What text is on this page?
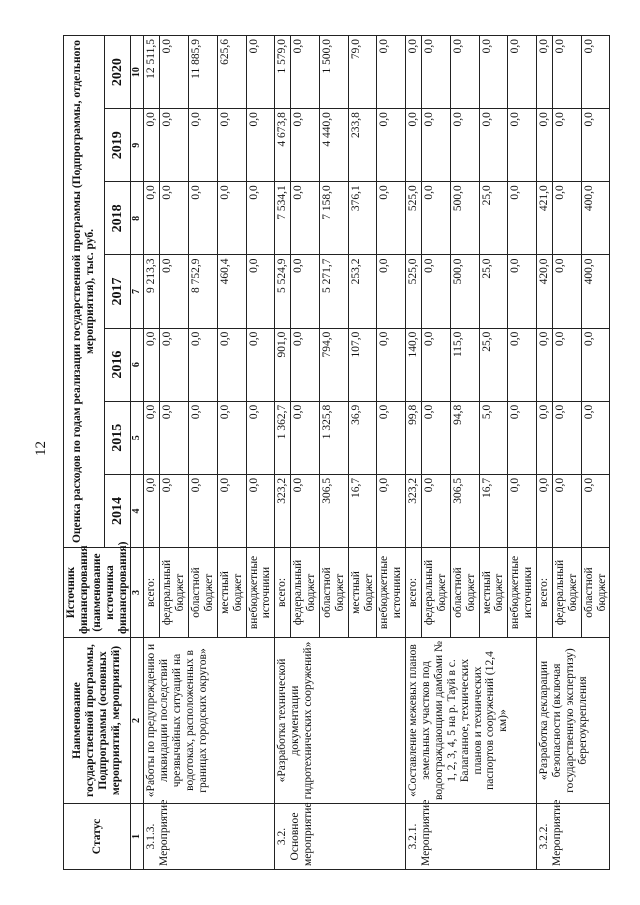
12
Статус	Наименование государственной программы, Подпрограммы (основных мероприятий, мероприятий)	Источник финансирования (наименование источника финансирования)	Оценка расходов по годам реализации государственной программы (Подпрограммы, отдельного мероприятия), тыс. руб.						
			2014	2015	2016	2017	2018	2019	2020
1	2	3	4	5	6	7	8	9	10
3.1.3. Мероприятие	«Работы по предупреждению и ликвидации последствий чрезвычайных ситуаций на водотоках, расположенных в границах городских округов»	всего:	0,0	0,0	0,0	9 213,3	0,0	0,0	12 511,5
		федеральный бюджет	0,0	0,0	0,0	0,0	0,0	0,0	0,0
		областной бюджет	0,0	0,0	0,0	8 752,9	0,0	0,0	11 885,9
		местный бюджет	0,0	0,0	0,0	460,4	0,0	0,0	625,6
		внебюджетные источники	0,0	0,0	0,0	0,0	0,0	0,0	0,0
3.2. Основное мероприятие	«Разработка технической документации гидротехнических сооружений»	всего:	323,2	1 362,7	901,0	5 524,9	7 534,1	4 673,8	1 579,0
		федеральный бюджет	0,0	0,0	0,0	0,0	0,0	0,0	0,0
		областной бюджет	306,5	1 325,8	794,0	5 271,7	7 158,0	4 440,0	1 500,0
		местный бюджет	16,7	36,9	107,0	253,2	376,1	233,8	79,0
		внебюджетные источники	0,0	0,0	0,0	0,0	0,0	0,0	0,0
3.2.1. Мероприятие	«Составление межевых планов земельных участков под водоограждающими дамбами № 1, 2, 3, 4, 5 на р. Тауй в с. Балаганное, технических планов и технических паспортов сооружений (12,4 км)»	всего:	323,2	99,8	140,0	525,0	525,0	0,0	0,0
		федеральный бюджет	0,0	0,0	0,0	0,0	0,0	0,0	0,0
		областной бюджет	306,5	94,8	115,0	500,0	500,0	0,0	0,0
		местный бюджет	16,7	5,0	25,0	25,0	25,0	0,0	0,0
		внебюджетные источники	0,0	0,0	0,0	0,0	0,0	0,0	0,0
3.2.2. Мероприятие	«Разработка декларации безопасности (включая государственную экспертизу) берегоукрепления	всего:	0,0	0,0	0,0	420,0	421,0	0,0	0,0
		федеральный бюджет	0,0	0,0	0,0	0,0	0,0	0,0	0,0
		областной бюджет	0,0	0,0	0,0	400,0	400,0	0,0	0,0
